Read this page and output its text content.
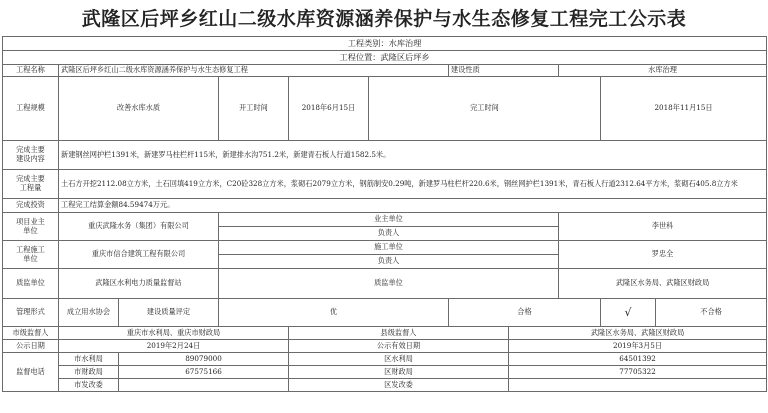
武隆区后坪乡红山二级水库资源涵养保护与水生态修复工程完工公示表
工程类别：水库治理										
工程位置：武隆区后坪乡										
工程名称	武隆区后坪乡红山二级水库资源涵养保护与水生态修复工程					建设性质		水库治理		
工程规模	改善水库水质		开工时间	2018年6月15日	完工时间				2018年11月15日	
完成主要
建设内容	新建钢丝网护栏1391米，新建罗马柱栏杆115米，新建排水沟751.2米，新建青石板人行道1582.5米。									
完成主要
工程量	土石方开挖2112.08立方米，土石回填419立方米，C20砼328立方米，浆砌石2079立方米，钢筋制安0.29吨，新建罗马柱栏杆220.6米，钢丝网护栏1391米，青石板人行道2312.64平方米，浆砌石405.8立方米									
完成投资	工程完工结算金额84.59474万元。									
项目业主
单位	重庆武隆水务（集团）有限公司		业主单位					李世科		
			负责人							
工程施工
单位	重庆市信合建筑工程有限公司		施工单位					罗忠全		
			负责人							
质监单位	武隆区水利电力质量监督站		质监单位					武隆区水务局、武隆区财政局		
管理形式	成立用水协会	建设质量评定	优			合格			√	不合格
市级监督人	重庆市水利局、重庆市财政局			县级监督人			武隆区水务局、武隆区财政局			
公示日期	2019年2月24日			公示有效日期			2019年3月5日			
监督电话	市水利局	89079000		区水利局			64501392			
	市财政局	67575166		区财政局			77705322			
	市发改委			区发改委						
